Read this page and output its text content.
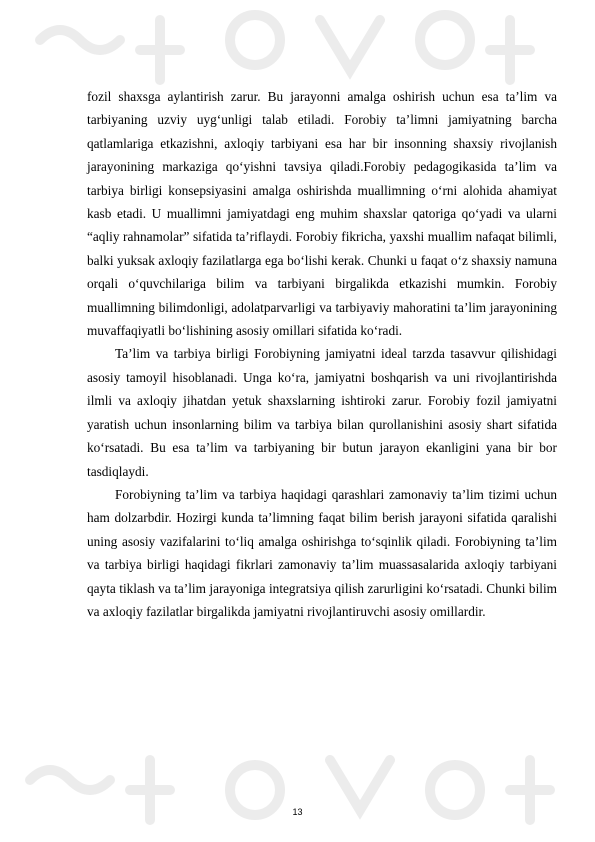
fozil shaxsga aylantirish zarur. Bu jarayonni amalga oshirish uchun esa ta’lim va tarbiyaning uzviy uyg‘unligi talab etiladi. Forobiy ta’limni jamiyatning barcha qatlamlariga etkazishni, axloqiy tarbiyani esa har bir insonning shaxsiy rivojlanish jarayonining markaziga qo‘yishni tavsiya qiladi.Forobiy pedagogikasida ta’lim va tarbiya birligi konsepsiyasini amalga oshirishda muallimning o‘rni alohida ahamiyat kasb etadi. U muallimni jamiyatdagi eng muhim shaxslar qatoriga qo‘yadi va ularni “aqliy rahnamolar” sifatida ta’riflaydi. Forobiy fikricha, yaxshi muallim nafaqat bilimli, balki yuksak axloqiy fazilatlarga ega bo‘lishi kerak. Chunki u faqat o‘z shaxsiy namuna orqali o‘quvchilariga bilim va tarbiyani birgalikda etkazishi mumkin. Forobiy muallimning bilimdonligi, adolatparvarligi va tarbiyaviy mahoratini ta’lim jarayonining muvaffaqiyatli bo‘lishining asosiy omillari sifatida ko‘radi.

Ta’lim va tarbiya birligi Forobiyning jamiyatni ideal tarzda tasavvur qilishidagi asosiy tamoyil hisoblanadi. Unga ko‘ra, jamiyatni boshqarish va uni rivojlantirishda ilmli va axloqiy jihatdan yetuk shaxslarning ishtiroki zarur. Forobiy fozil jamiyatni yaratish uchun insonlarning bilim va tarbiya bilan qurollanishini asosiy shart sifatida ko‘rsatadi. Bu esa ta’lim va tarbiyaning bir butun jarayon ekanligini yana bir bor tasdiqlaydi.

Forobiyning ta’lim va tarbiya haqidagi qarashlari zamonaviy ta’lim tizimi uchun ham dolzarbdir. Hozirgi kunda ta’limning faqat bilim berish jarayoni sifatida qaralishi uning asosiy vazifalarini to‘liq amalga oshirishga to‘sqinlik qiladi. Forobiyning ta’lim va tarbiya birligi haqidagi fikrlari zamonaviy ta’lim muassasalarida axloqiy tarbiyani qayta tiklash va ta’lim jarayoniga integratsiya qilish zarurligini ko‘rsatadi. Chunki bilim va axloqiy fazilatlar birgalikda jamiyatni rivojlantiruvchi asosiy omillardir.

13
